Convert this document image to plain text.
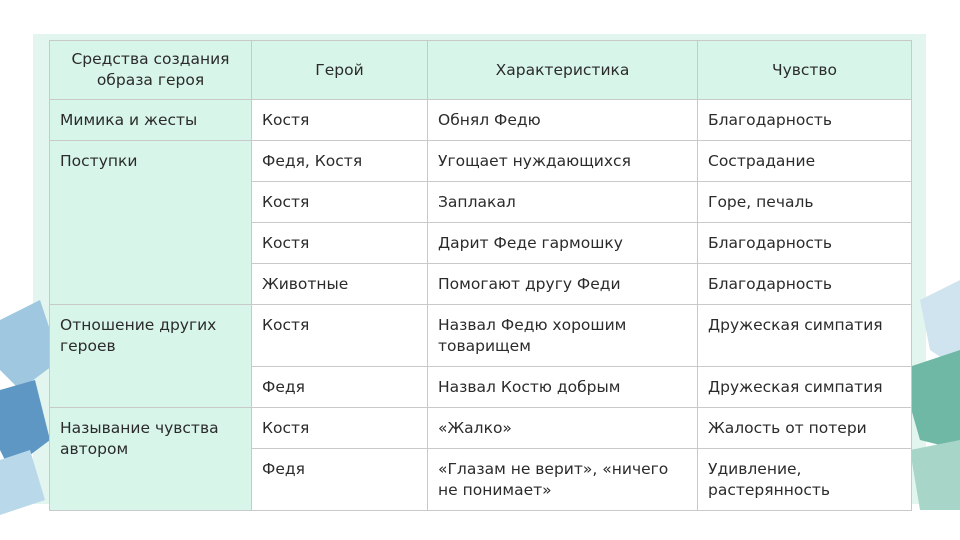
Средства создания образа героя	Герой	Характеристика	Чувство
Мимика и жесты	Костя	Обнял Федю	Благодарность
Поступки	Федя, Костя	Угощает нуждающихся	Сострадание
	Костя	Заплакал	Горе, печаль
	Костя	Дарит Феде гармошку	Благодарность
	Животные	Помогают другу Феди	Благодарность
Отношение других героев	Костя	Назвал Федю хорошим товарищем	Дружеская симпатия
	Федя	Назвал Костю добрым	Дружеская симпатия
Называние чувства автором	Костя	«Жалко»	Жалость от потери
	Федя	«Глазам не верит», «ничего не понимает»	Удивление, растерянность
